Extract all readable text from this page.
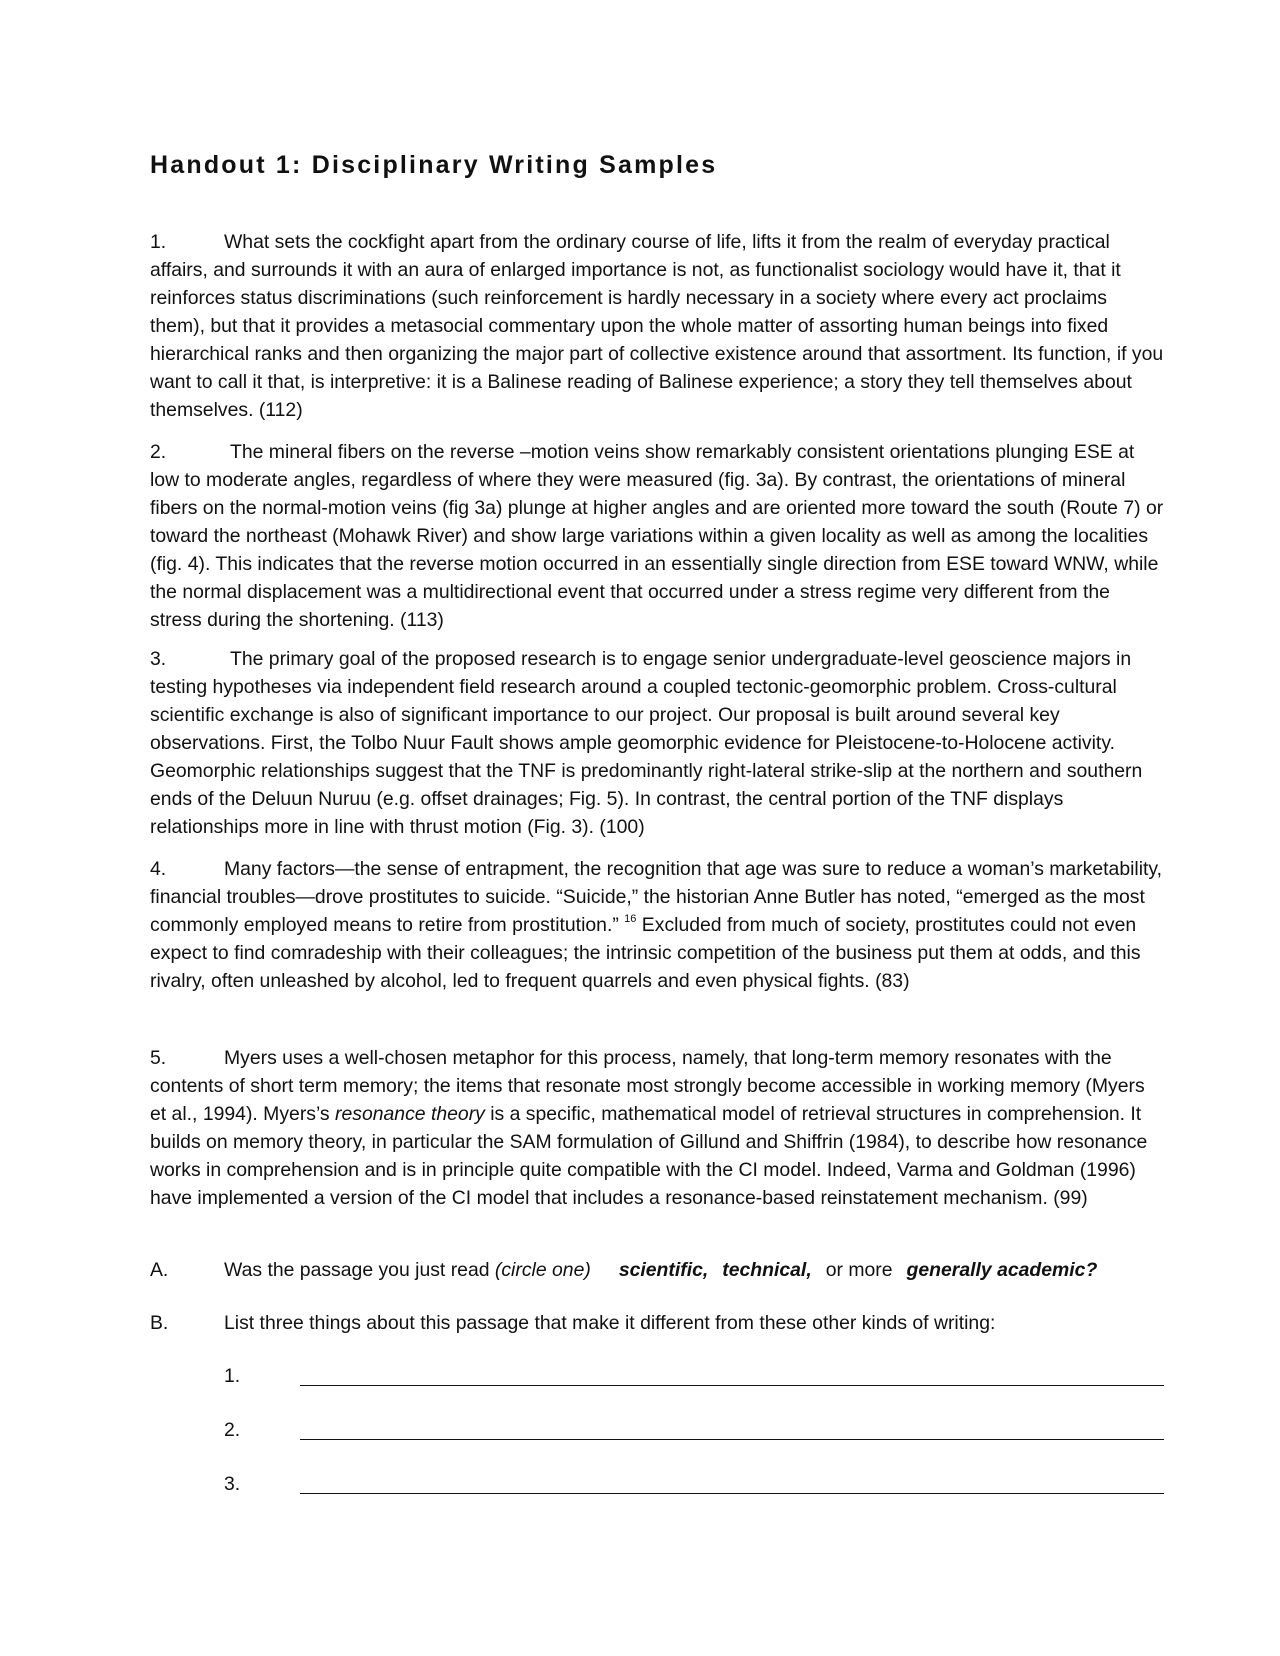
Handout 1: Disciplinary Writing Samples

1.	What sets the cockfight apart from the ordinary course of life, lifts it from the realm of everyday practical affairs, and surrounds it with an aura of enlarged importance is not, as functionalist sociology would have it, that it reinforces status discriminations (such reinforcement is hardly necessary in a society where every act proclaims them), but that it provides a metasocial commentary upon the whole matter of assorting human beings into fixed hierarchical ranks and then organizing the major part of collective existence around that assortment. Its function, if you want to call it that, is interpretive: it is a Balinese reading of Balinese experience; a story they tell themselves about themselves. (112)

2.	The mineral fibers on the reverse –motion veins show remarkably consistent orientations plunging ESE at low to moderate angles, regardless of where they were measured (fig. 3a). By contrast, the orientations of mineral fibers on the normal-motion veins (fig 3a) plunge at higher angles and are oriented more toward the south (Route 7) or toward the northeast (Mohawk River) and show large variations within a given locality as well as among the localities (fig. 4). This indicates that the reverse motion occurred in an essentially single direction from ESE toward WNW, while the normal displacement was a multidirectional event that occurred under a stress regime very different from the stress during the shortening. (113)

3.	The primary goal of the proposed research is to engage senior undergraduate-level geoscience majors in testing hypotheses via independent field research around a coupled tectonic-geomorphic problem. Cross-cultural scientific exchange is also of significant importance to our project. Our proposal is built around several key observations. First, the Tolbo Nuur Fault shows ample geomorphic evidence for Pleistocene-to-Holocene activity. Geomorphic relationships suggest that the TNF is predominantly right-lateral strike-slip at the northern and southern ends of the Deluun Nuruu (e.g. offset drainages; Fig. 5). In contrast, the central portion of the TNF displays relationships more in line with thrust motion (Fig. 3). (100)

4.	Many factors—the sense of entrapment, the recognition that age was sure to reduce a woman’s marketability, financial troubles—drove prostitutes to suicide. “Suicide,” the historian Anne Butler has noted, “emerged as the most commonly employed means to retire from prostitution.” $^{16}$ Excluded from much of society, prostitutes could not even expect to find comradeship with their colleagues; the intrinsic competition of the business put them at odds, and this rivalry, often unleashed by alcohol, led to frequent quarrels and even physical fights. (83)

5.	Myers uses a well-chosen metaphor for this process, namely, that long-term memory resonates with the contents of short term memory; the items that resonate most strongly become accessible in working memory (Myers et al., 1994). Myers’s resonance theory is a specific, mathematical model of retrieval structures in comprehension. It builds on memory theory, in particular the SAM formulation of Gillund and Shiffrin (1984), to describe how resonance works in comprehension and is in principle quite compatible with the CI model. Indeed, Varma and Goldman (1996) have implemented a version of the CI model that includes a resonance-based reinstatement mechanism. (99)

A.	Was the passage you just read (circle one) scientific, technical, or more generally academic?
B.	List three things about this passage that make it different from these other kinds of writing:
1.
2.
3.
